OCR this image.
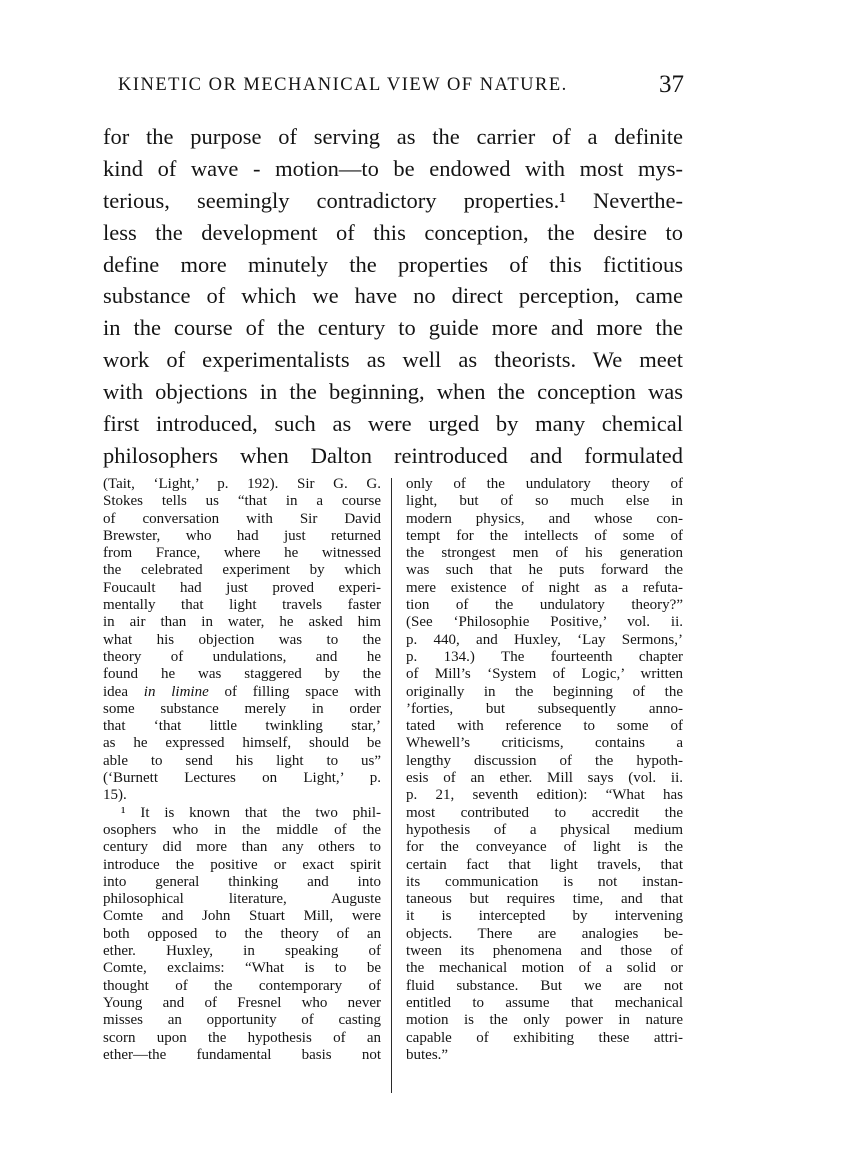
KINETIC OR MECHANICAL VIEW OF NATURE.	37
for the purpose of serving as the carrier of a definite
kind of wave - motion—to be endowed with most mys-
terious, seemingly contradictory properties.¹ Neverthe-
less the development of this conception, the desire to
define more minutely the properties of this fictitious
substance of which we have no direct perception, came
in the course of the century to guide more and more the
work of experimentalists as well as theorists. We meet
with objections in the beginning, when the conception was
first introduced, such as were urged by many chemical
philosophers when Dalton reintroduced and formulated
(Tait, ‘Light,’ p. 192). Sir G. G.
Stokes tells us “that in a course
of conversation with Sir David
Brewster, who had just returned
from France, where he witnessed
the celebrated experiment by which
Foucault had just proved experi-
mentally that light travels faster
in air than in water, he asked him
what his objection was to the
theory of undulations, and he
found he was staggered by the
idea in limine of filling space with
some substance merely in order
that ‘that little twinkling star,’
as he expressed himself, should be
able to send his light to us”
(‘Burnett Lectures on Light,’ p.
15).
¹ It is known that the two phil-
osophers who in the middle of the
century did more than any others to
introduce the positive or exact spirit
into general thinking and into
philosophical literature, Auguste
Comte and John Stuart Mill, were
both opposed to the theory of an
ether. Huxley, in speaking of
Comte, exclaims: “What is to be
thought of the contemporary of
Young and of Fresnel who never
misses an opportunity of casting
scorn upon the hypothesis of an
ether—the fundamental basis not
only of the undulatory theory of
light, but of so much else in
modern physics, and whose con-
tempt for the intellects of some of
the strongest men of his generation
was such that he puts forward the
mere existence of night as a refuta-
tion of the undulatory theory?”
(See ‘Philosophie Positive,’ vol. ii.
p. 440, and Huxley, ‘Lay Sermons,’
p. 134.) The fourteenth chapter
of Mill’s ‘System of Logic,’ written
originally in the beginning of the
’forties, but subsequently anno-
tated with reference to some of
Whewell’s criticisms, contains a
lengthy discussion of the hypoth-
esis of an ether. Mill says (vol. ii.
p. 21, seventh edition): “What has
most contributed to accredit the
hypothesis of a physical medium
for the conveyance of light is the
certain fact that light travels, that
its communication is not instan-
taneous but requires time, and that
it is intercepted by intervening
objects. There are analogies be-
tween its phenomena and those of
the mechanical motion of a solid or
fluid substance. But we are not
entitled to assume that mechanical
motion is the only power in nature
capable of exhibiting these attri-
butes.”
